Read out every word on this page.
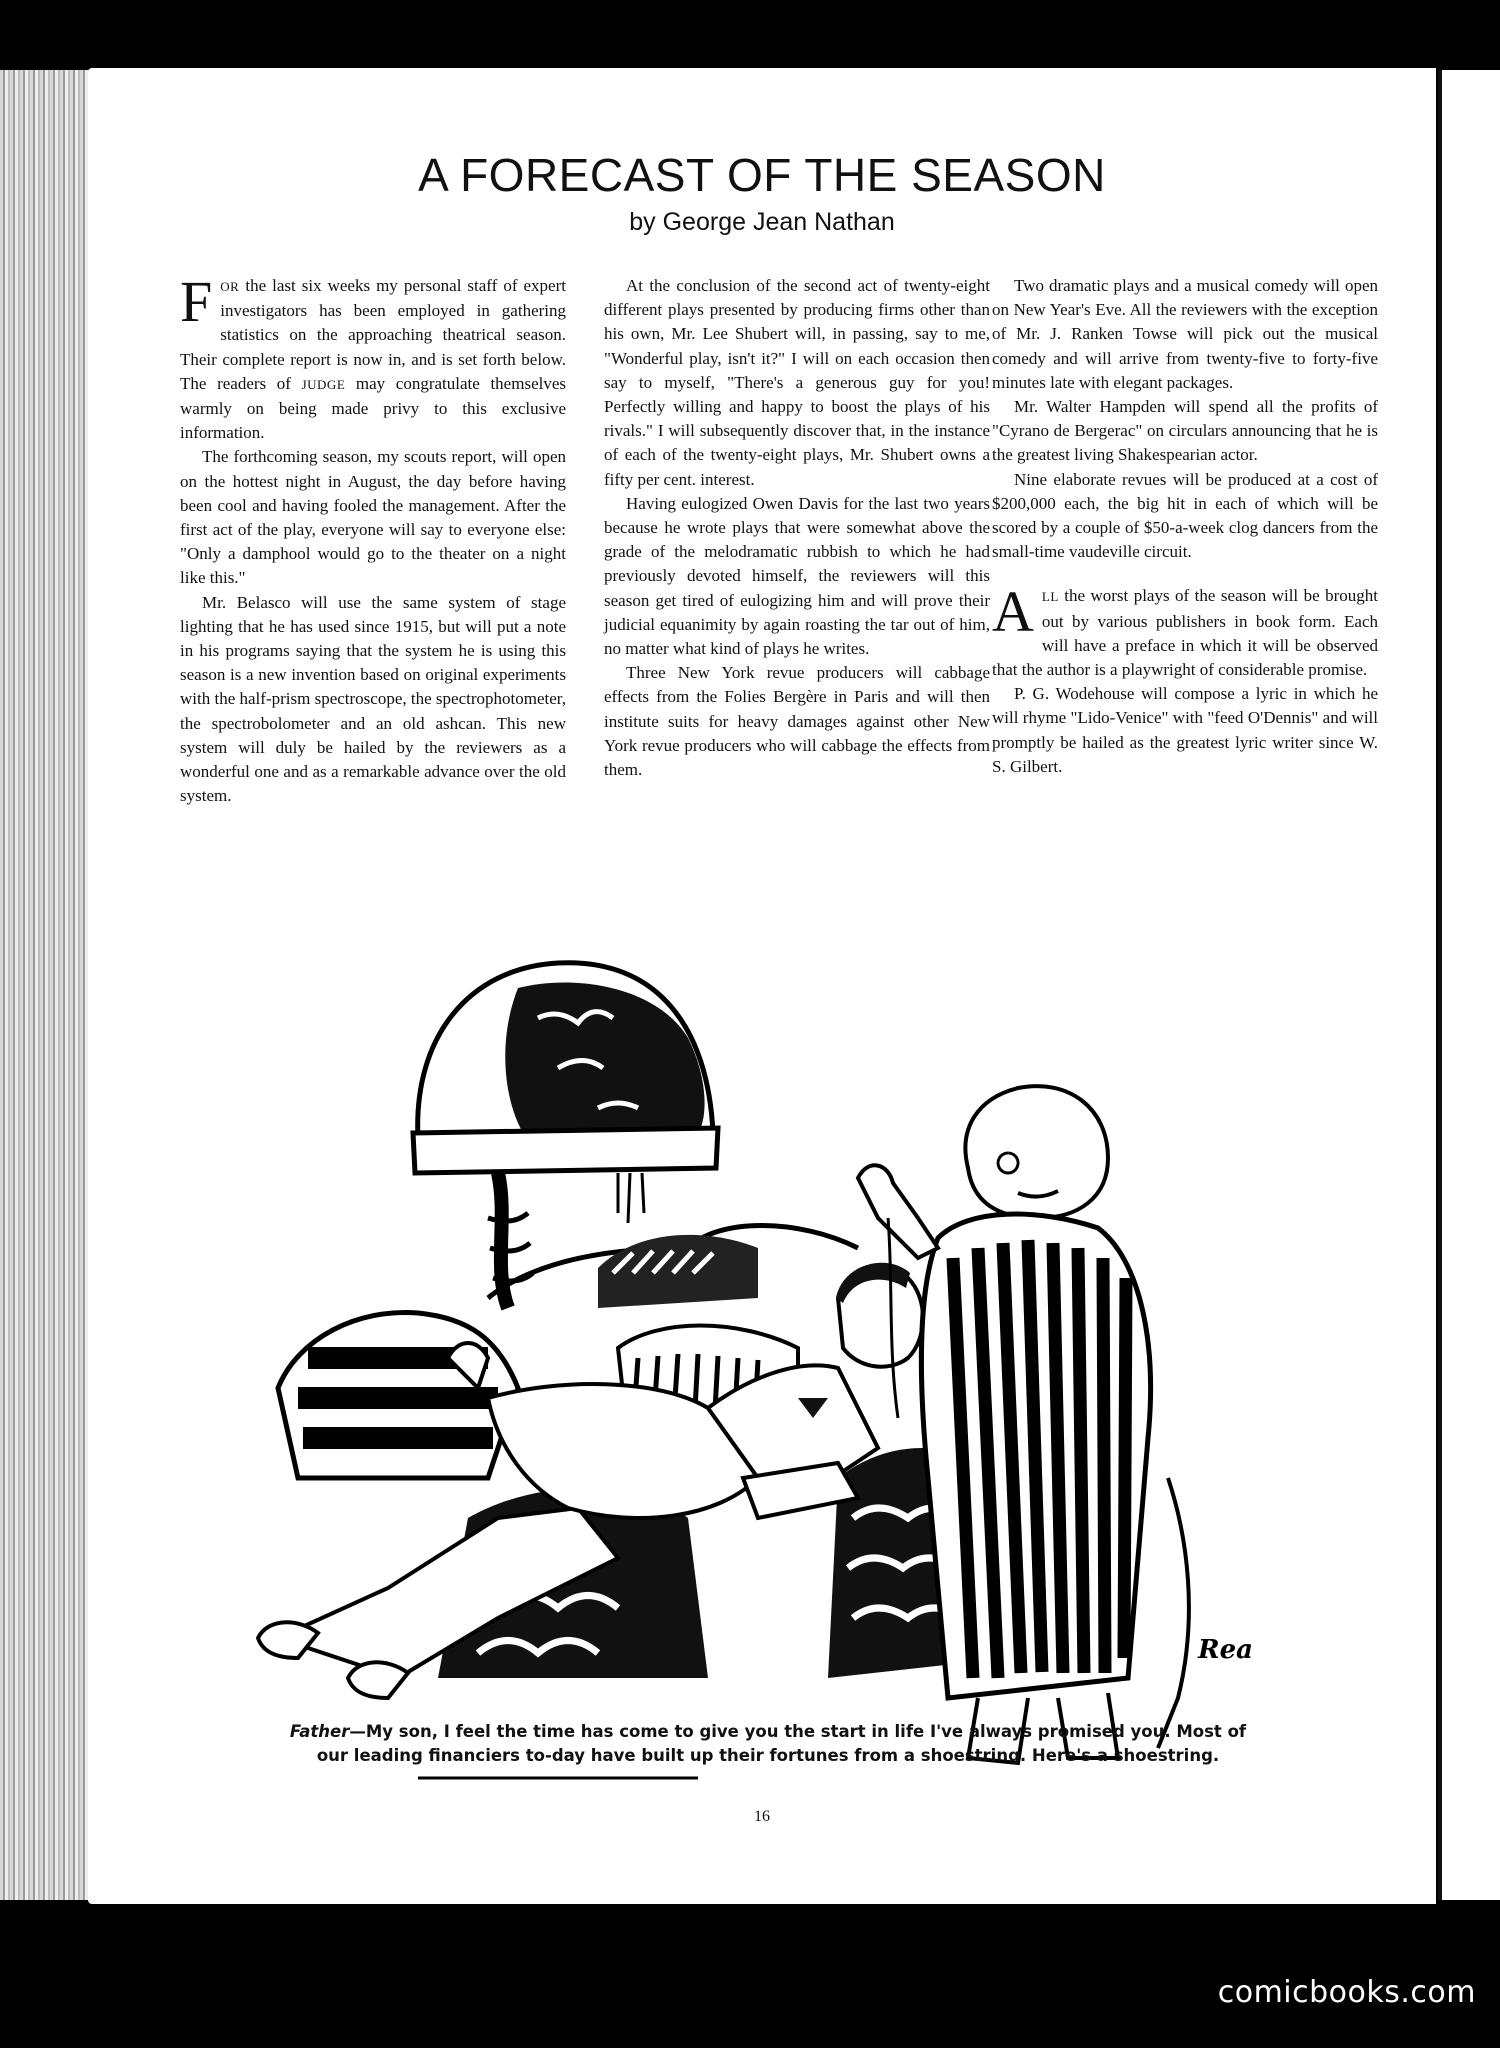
A FORECAST OF THE SEASON

by George Jean Nathan

FOR the last six weeks my personal staff of expert investigators has been employed in gathering statistics on the approaching theatrical season. Their complete report is now in, and is set forth below. The readers of JUDGE may congratulate themselves warmly on being made privy to this exclusive information.

The forthcoming season, my scouts report, will open on the hottest night in August, the day before having been cool and having fooled the management. After the first act of the play, everyone will say to everyone else: "Only a damphool would go to the theater on a night like this."

Mr. Belasco will use the same system of stage lighting that he has used since 1915, but will put a note in his programs saying that the system he is using this season is a new invention based on original experiments with the half-prism spectroscope, the spectrophotometer, the spectrobolometer and an old ashcan. This new system will duly be hailed by the reviewers as a wonderful one and as a remarkable advance over the old system.

At the conclusion of the second act of twenty-eight different plays presented by producing firms other than his own, Mr. Lee Shubert will, in passing, say to me, "Wonderful play, isn't it?" I will on each occasion then say to myself, "There's a generous guy for you! Perfectly willing and happy to boost the plays of his rivals." I will subsequently discover that, in the instance of each of the twenty-eight plays, Mr. Shubert owns a fifty per cent. interest.

Having eulogized Owen Davis for the last two years because he wrote plays that were somewhat above the grade of the melodramatic rubbish to which he had previously devoted himself, the reviewers will this season get tired of eulogizing him and will prove their judicial equanimity by again roasting the tar out of him, no matter what kind of plays he writes.

Three New York revue producers will cabbage effects from the Folies Bergère in Paris and will then institute suits for heavy damages against other New York revue producers who will cabbage the effects from them.

Two dramatic plays and a musical comedy will open on New Year's Eve. All the reviewers with the exception of Mr. J. Ranken Towse will pick out the musical comedy and will arrive from twenty-five to forty-five minutes late with elegant packages.

Mr. Walter Hampden will spend all the profits of "Cyrano de Bergerac" on circulars announcing that he is the greatest living Shakespearian actor.

Nine elaborate revues will be produced at a cost of $200,000 each, the big hit in each of which will be scored by a couple of $50-a-week clog dancers from the small-time vaudeville circuit.

ALL the worst plays of the season will be brought out by various publishers in book form. Each will have a preface in which it will be observed that the author is a playwright of considerable promise.

P. G. Wodehouse will compose a lyric in which he will rhyme "Lido-Venice" with "feed O'Dennis" and will promptly be hailed as the greatest lyric writer since W. S. Gilbert.

Rea

Father—My son, I feel the time has come to give you the start in life I've always promised you. Most of our leading financiers to-day have built up their fortunes from a shoestring. Here's a shoestring.

16

comicbooks.com
